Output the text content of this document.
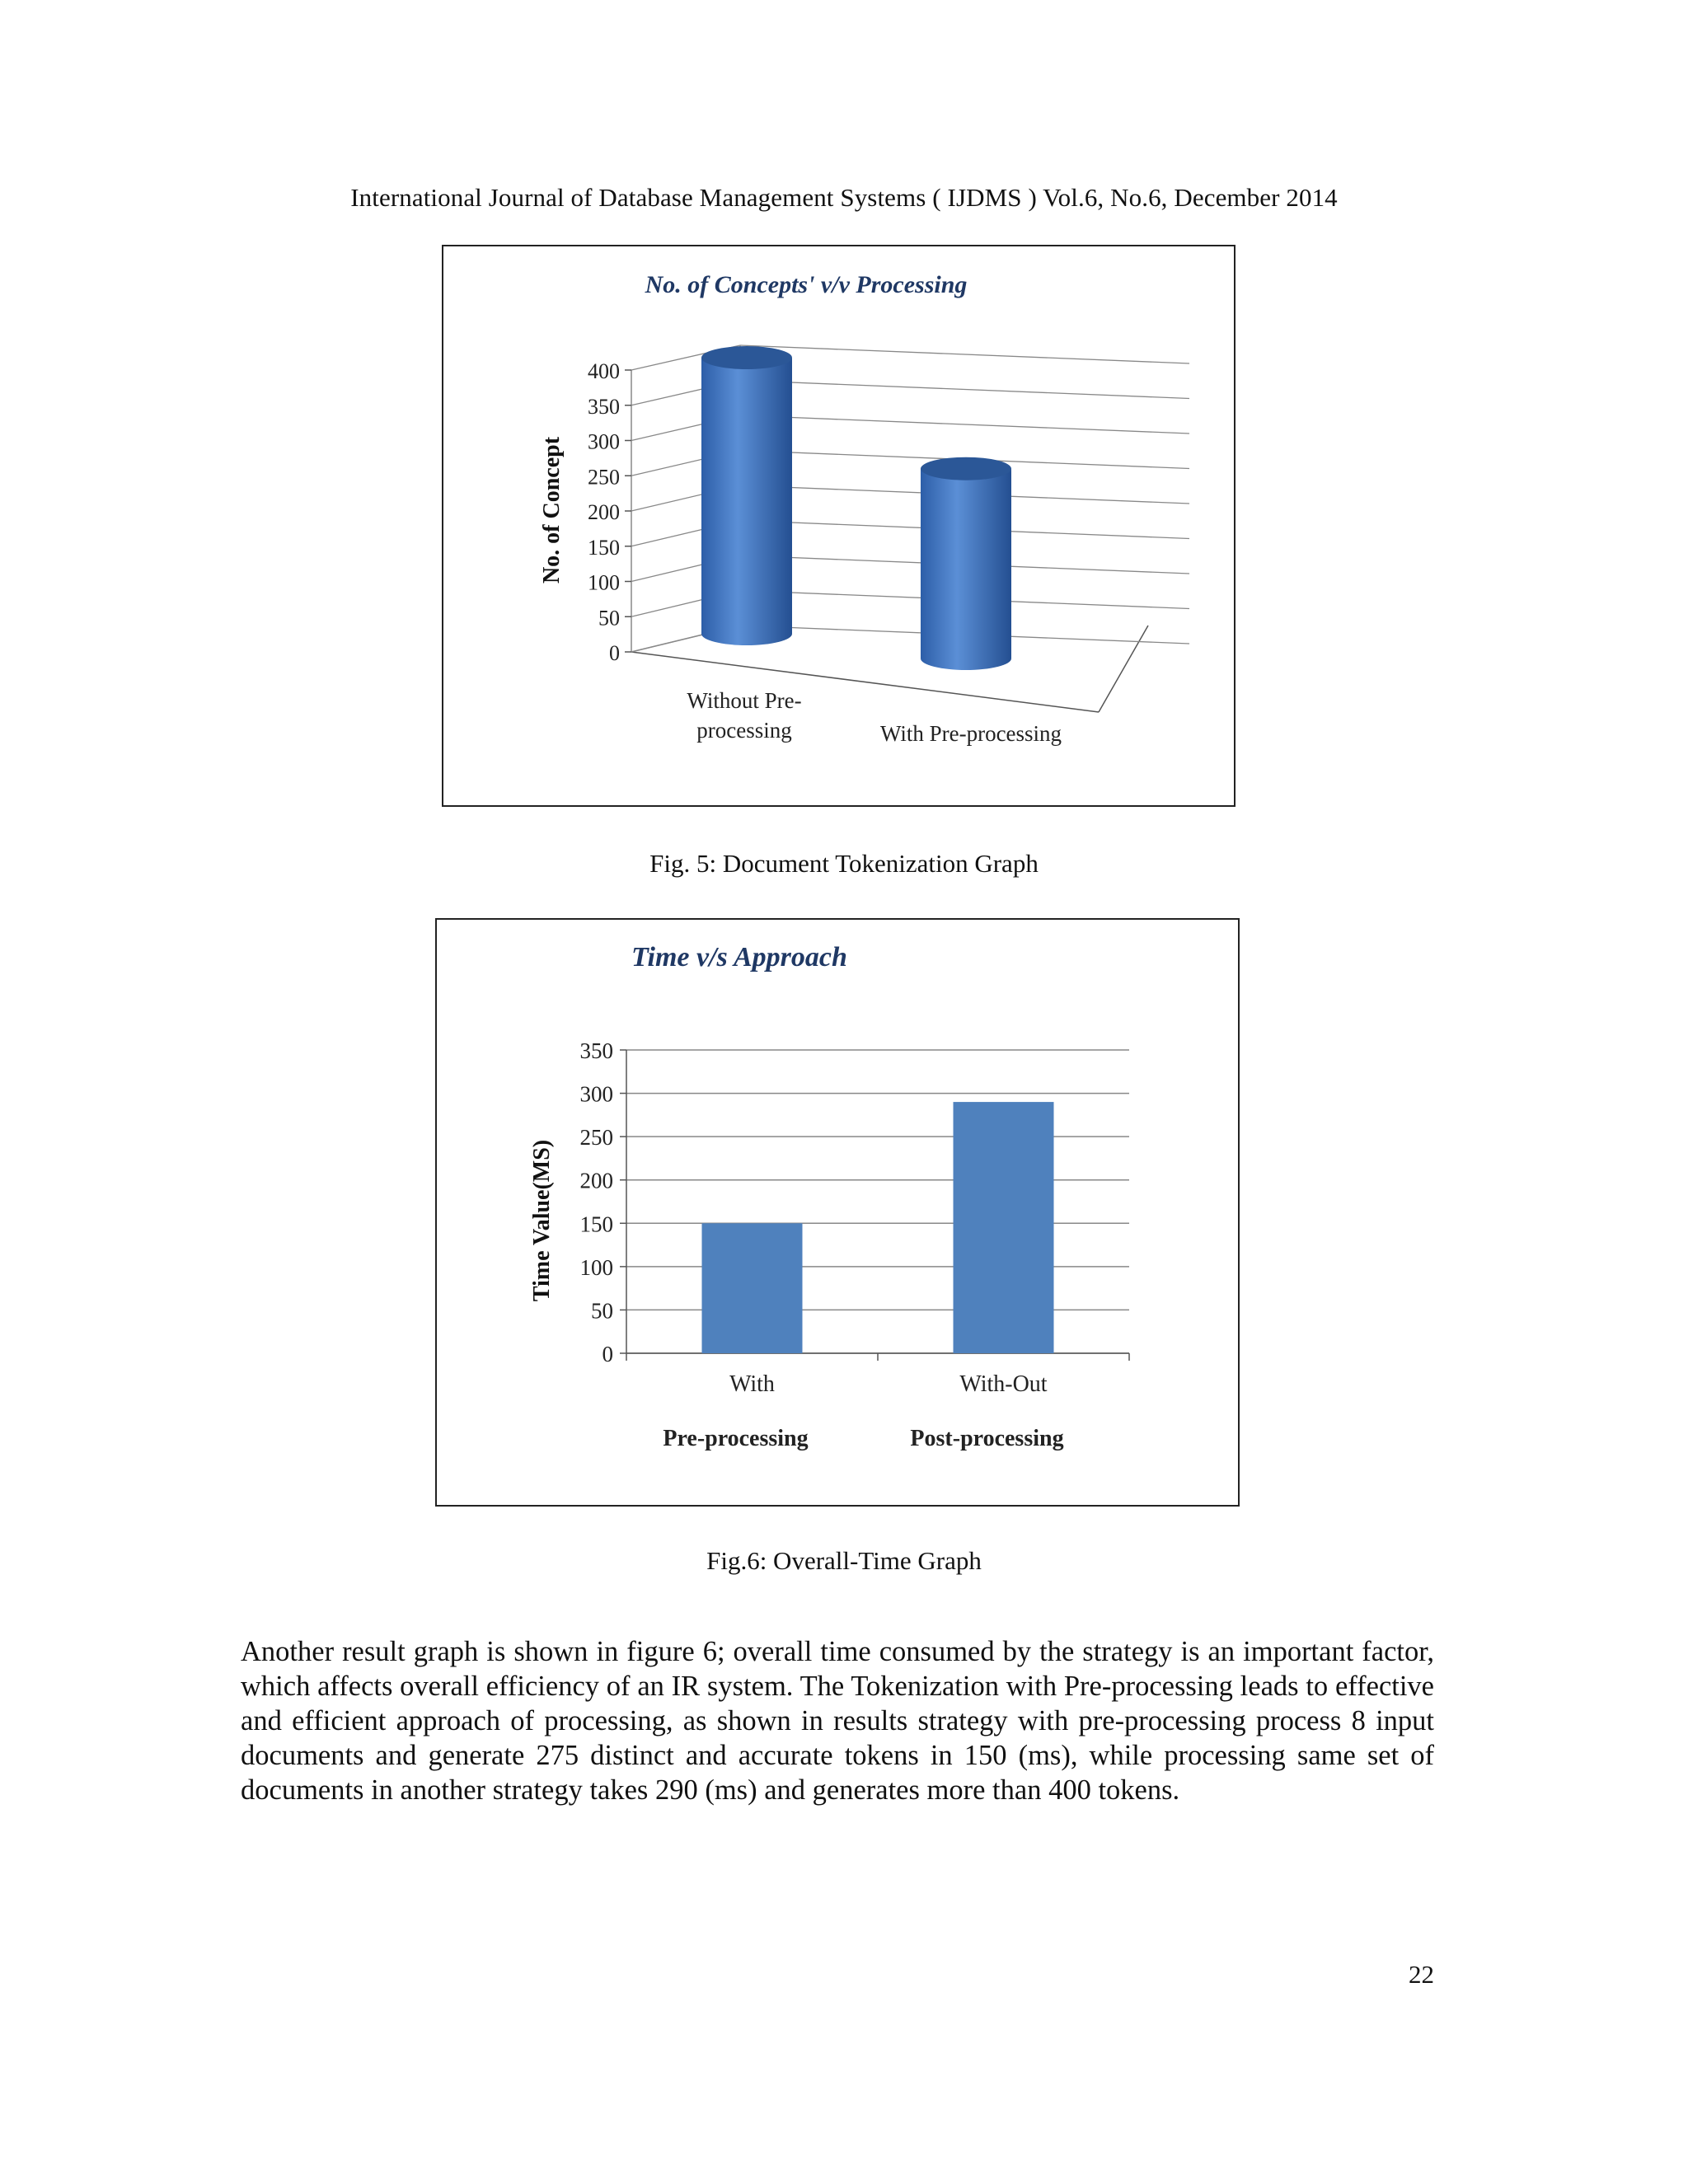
International Journal of Database Management Systems ( IJDMS ) Vol.6, No.6, December 2014
No. of Concepts' v/v Processing
0
50
100
150
200
250
300
350
400
No. of Concept
Without Pre-processing	With Pre-processing
Fig. 5: Document Tokenization Graph
Time v/s Approach
0
50
100
150
200
250
300
350
With
Pre-processing
With-Out
Post-processing
Time Value(MS)
Fig.6: Overall-Time Graph

Another result graph is shown in figure 6; overall time consumed by the strategy is an important factor, which affects overall efficiency of an IR system. The Tokenization with Pre-processing leads to effective and efficient approach of processing, as shown in results strategy with pre-processing process 8 input documents and generate 275 distinct and accurate tokens in 150 (ms), while processing same set of documents in another strategy takes 290 (ms) and generates more than 400 tokens.

22
